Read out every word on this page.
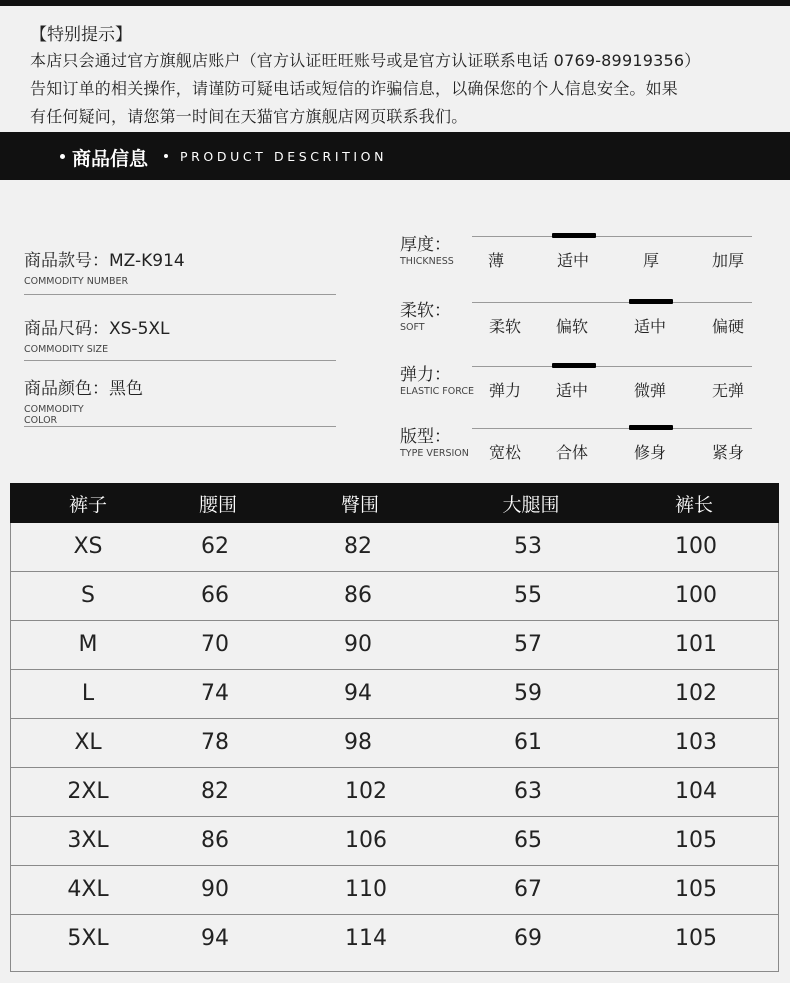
【特别提示】
本店只会通过官方旗舰店账户（官方认证旺旺账号或是官方认证联系电话 0769-89919356）
告知订单的相关操作，请谨防可疑电话或短信的诈骗信息，以确保您的个人信息安全。如果
有任何疑问，请您第一时间在天猫官方旗舰店网页联系我们。
商品信息	PRODUCT DESCRITION
商品款号：MZ-K914
COMMODITY NUMBER
商品尺码：XS-5XL
COMMODITY SIZE
商品颜色：黑色
COMMODITY
COLOR
厚度：
THICKNESS 薄	适中	厚	加厚
柔软：
SOFT	柔软 偏软	适中	偏硬
弹力：
ELASTIC FORCE 弹力 适中	微弹	无弹
版型：
TYPE VERSION 宽松 合体	修身	紧身
裤子	腰围	臀围	大腿围	裤长
XS	62	82	53	100
S	66	86	55	100
M	70	90	57	101
L	74	94	59	102
XL	78	98	61	103
2XL	82	102	63	104
3XL	86	106	65	105
4XL	90	110	67	105
5XL	94	114	69	105
